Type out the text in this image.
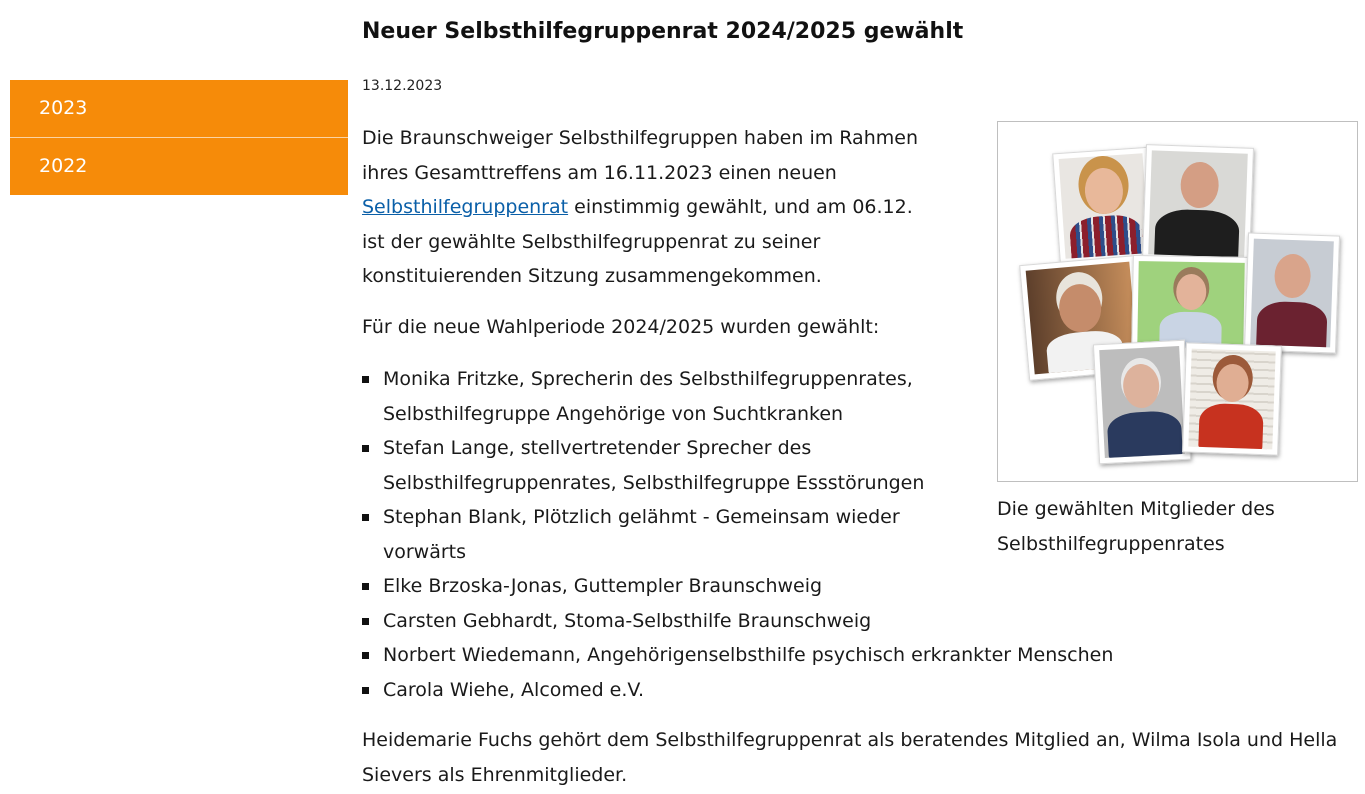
2023
2022
Neuer Selbsthilfegruppenrat 2024/2025 gewählt
13.12.2023

Die Braunschweiger Selbsthilfegruppen haben im Rahmen ihres Gesamttreffens am 16.11.2023 einen neuen Selbsthilfegruppenrat einstimmig gewählt, und am 06.12. ist der gewählte Selbsthilfegruppenrat zu seiner konstituierenden Sitzung zusammengekommen.

Für die neue Wahlperiode 2024/2025 wurden gewählt:

Monika Fritzke, Sprecherin des Selbsthilfegruppenrates, Selbsthilfegruppe Angehörige von Suchtkranken
Stefan Lange, stellvertretender Sprecher des Selbsthilfegruppenrates, Selbsthilfegruppe Essstörungen
Stephan Blank, Plötzlich gelähmt - Gemeinsam wieder vorwärts
Elke Brzoska-Jonas, Guttempler Braunschweig
Carsten Gebhardt, Stoma-Selbsthilfe Braunschweig
Norbert Wiedemann, Angehörigenselbsthilfe psychisch erkrankter Menschen
Carola Wiehe, Alcomed e.V.

Heidemarie Fuchs gehört dem Selbsthilfegruppenrat als beratendes Mitglied an, Wilma Isola und Hella Sievers als Ehrenmitglieder.

Die gewählten Mitglieder des Selbsthilfegruppenrates
